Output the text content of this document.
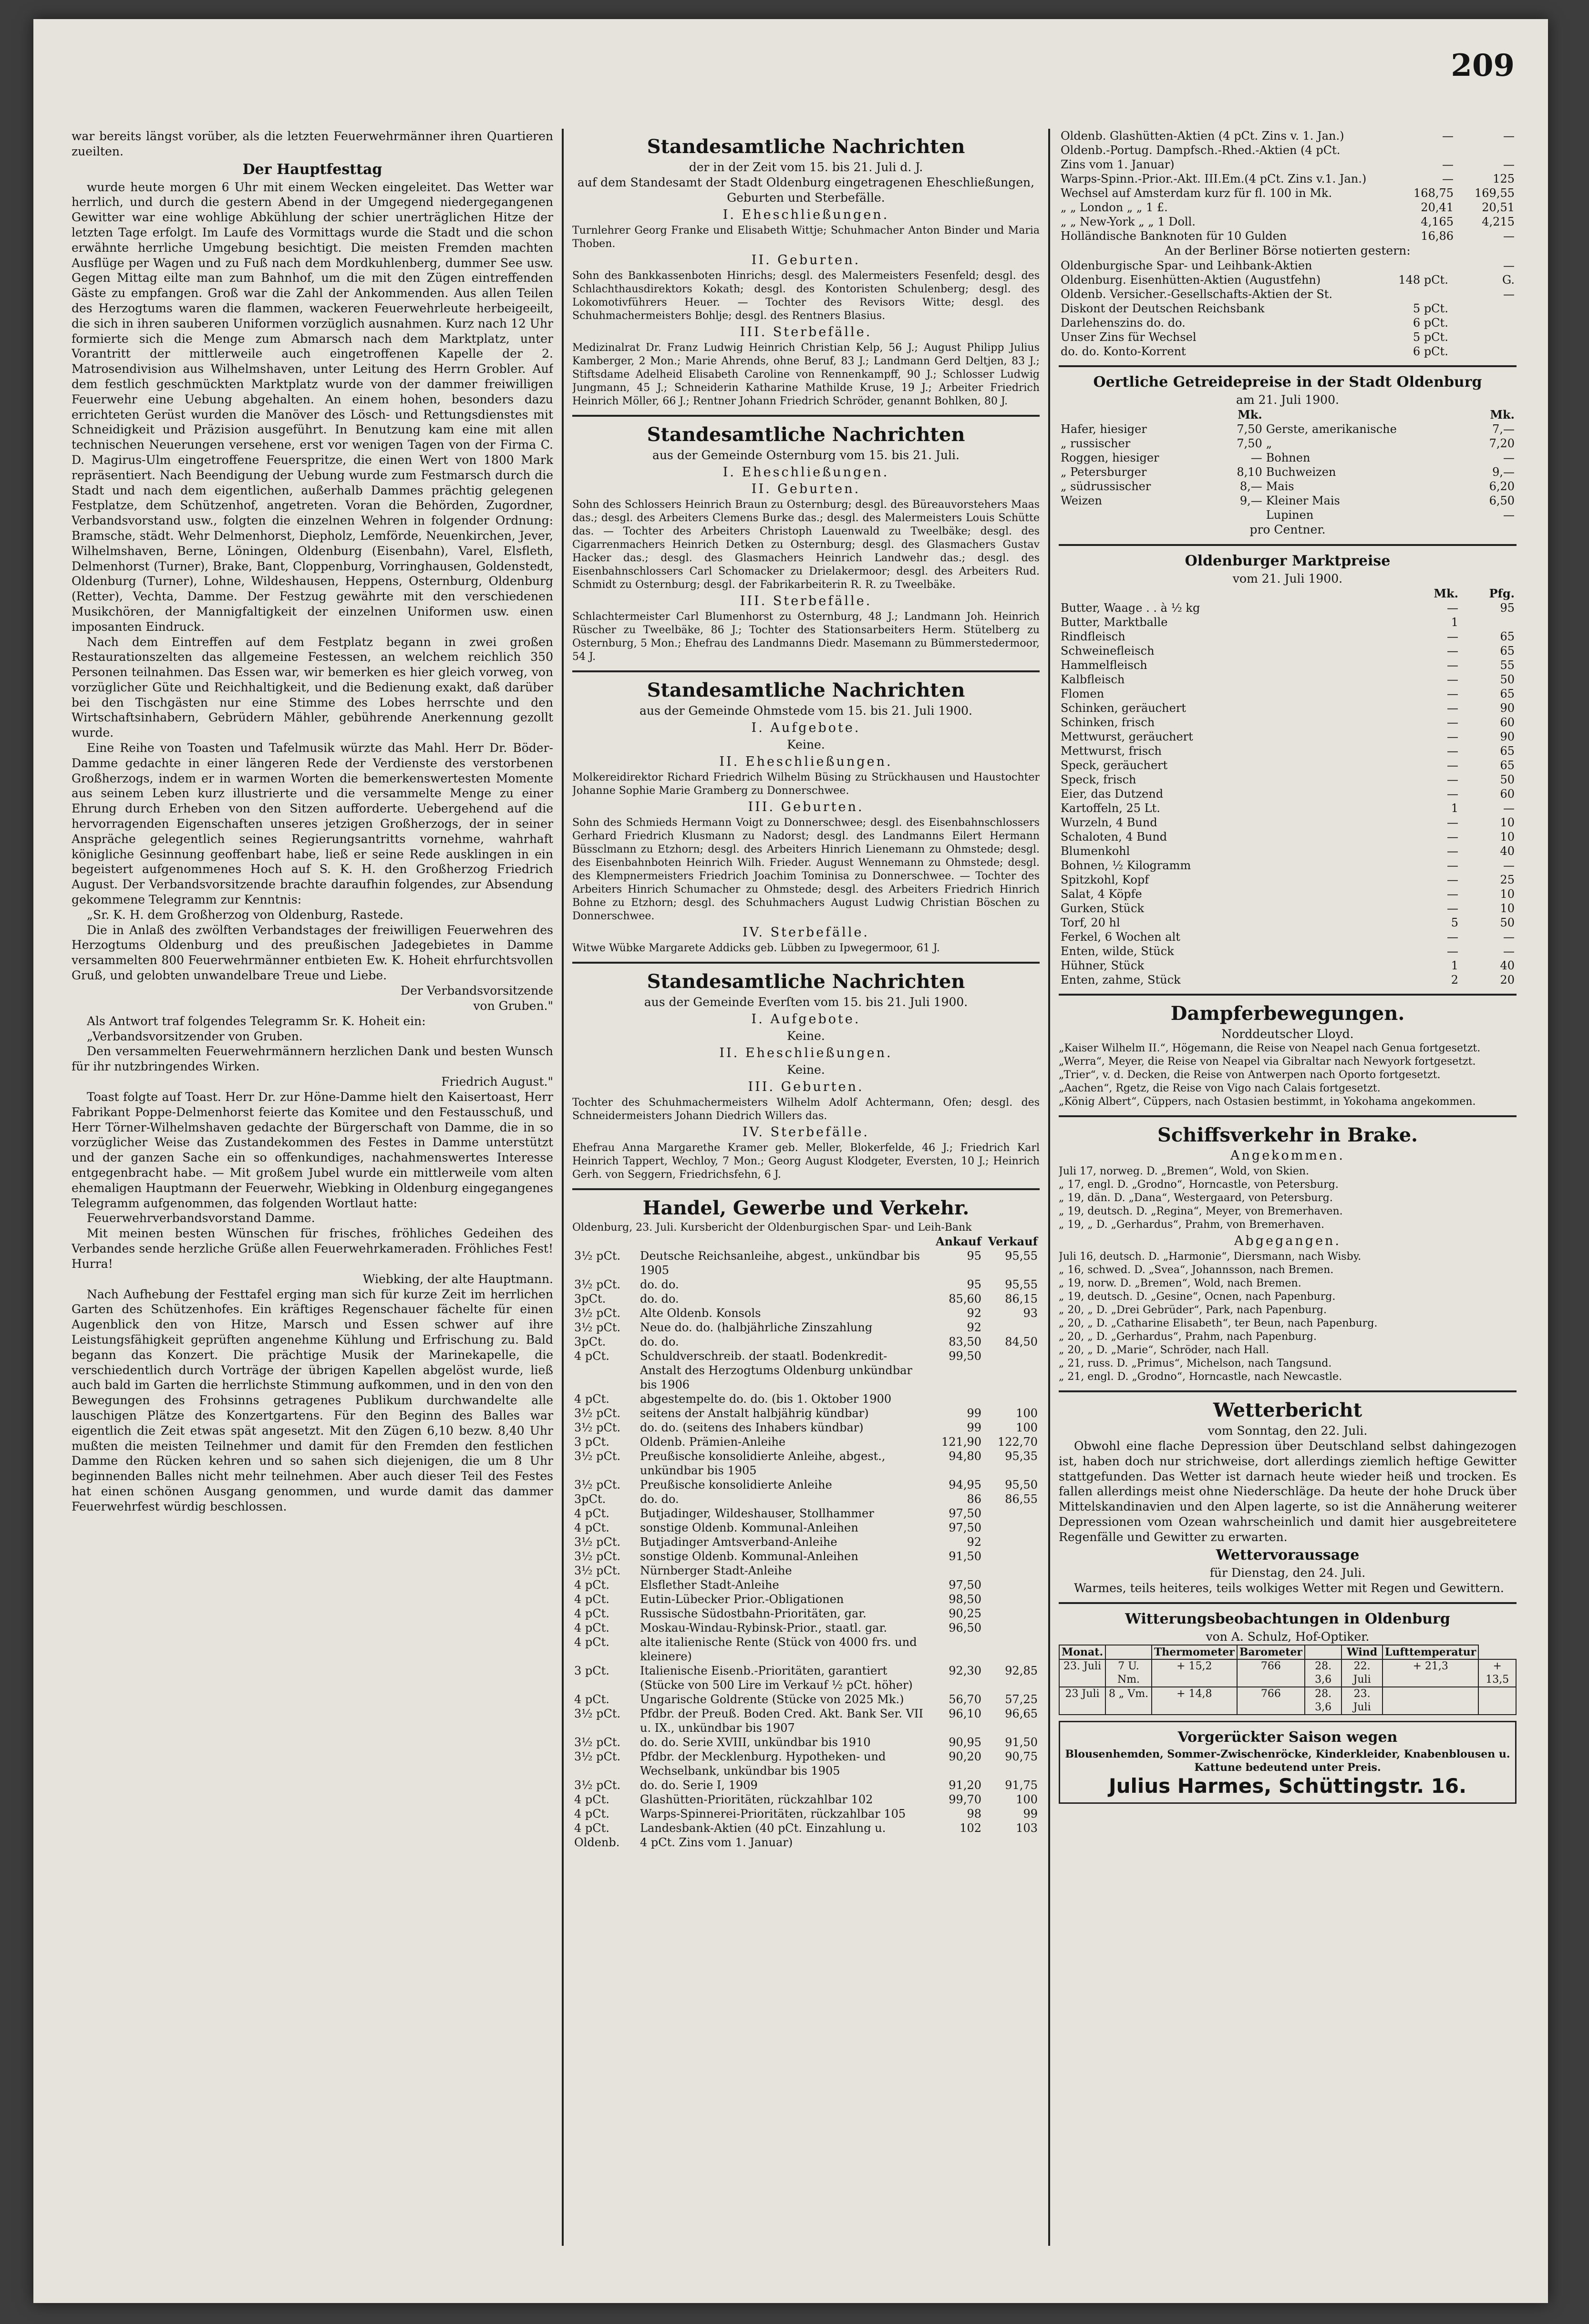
209

war bereits längst vorüber, als die letzten Feuerwehrmänner ihren Quartieren zueilten.

Der Hauptfesttag

wurde heute morgen 6 Uhr mit einem Wecken eingeleitet. Das Wetter war herrlich, und durch die gestern Abend in der Umgegend niedergegangenen Gewitter war eine wohlige Abkühlung der schier unerträglichen Hitze der letzten Tage erfolgt. Im Laufe des Vormittags wurde die Stadt und die schon erwähnte herrliche Umgebung besichtigt. Die meisten Fremden machten Ausflüge per Wagen und zu Fuß nach dem Mordkuhlenberg, dummer See usw. Gegen Mittag eilte man zum Bahnhof, um die mit den Zügen eintreffenden Gäste zu empfangen. Groß war die Zahl der Ankommenden. Aus allen Teilen des Herzogtums waren die flammen, wackeren Feuerwehrleute herbeigeeilt, die sich in ihren sauberen Uniformen vorzüglich ausnahmen. Kurz nach 12 Uhr formierte sich die Menge zum Abmarsch nach dem Marktplatz, unter Vorantritt der mittlerweile auch eingetroffenen Kapelle der 2. Matrosendivision aus Wilhelmshaven, unter Leitung des Herrn Grobler. Auf dem festlich geschmückten Marktplatz wurde von der dammer freiwilligen Feuerwehr eine Uebung abgehalten. An einem hohen, besonders dazu errichteten Gerüst wurden die Manöver des Lösch- und Rettungsdienstes mit Schneidigkeit und Präzision ausgeführt. In Benutzung kam eine mit allen technischen Neuerungen versehene, erst vor wenigen Tagen von der Firma C. D. Magirus-Ulm eingetroffene Feuerspritze, die einen Wert von 1800 Mark repräsentiert. Nach Beendigung der Uebung wurde zum Festmarsch durch die Stadt und nach dem eigentlichen, außerhalb Dammes prächtig gelegenen Festplatze, dem Schützenhof, angetreten. Voran die Behörden, Zugordner, Verbandsvorstand usw., folgten die einzelnen Wehren in folgender Ordnung: Bramsche, städt. Wehr Delmenhorst, Diepholz, Lemförde, Neuenkirchen, Jever, Wilhelmshaven, Berne, Löningen, Oldenburg (Eisenbahn), Varel, Elsfleth, Delmenhorst (Turner), Brake, Bant, Cloppenburg, Vorringhausen, Goldenstedt, Oldenburg (Turner), Lohne, Wildeshausen, Heppens, Osternburg, Oldenburg (Retter), Vechta, Damme. Der Festzug gewährte mit den verschiedenen Musikchören, der Mannigfaltigkeit der einzelnen Uniformen usw. einen imposanten Eindruck.

Nach dem Eintreffen auf dem Festplatz begann in zwei großen Restaurationszelten das allgemeine Festessen, an welchem reichlich 350 Personen teilnahmen. Das Essen war, wir bemerken es hier gleich vorweg, von vorzüglicher Güte und Reichhaltigkeit, und die Bedienung exakt, daß darüber bei den Tischgästen nur eine Stimme des Lobes herrschte und den Wirtschaftsinhabern, Gebrüdern Mähler, gebührende Anerkennung gezollt wurde.

Eine Reihe von Toasten und Tafelmusik würzte das Mahl. Herr Dr. Böder-Damme gedachte in einer längeren Rede der Verdienste des verstorbenen Großherzogs, indem er in warmen Worten die bemerkenswertesten Momente aus seinem Leben kurz illustrierte und die versammelte Menge zu einer Ehrung durch Erheben von den Sitzen aufforderte. Uebergehend auf die hervorragenden Eigenschaften unseres jetzigen Großherzogs, der in seiner Anspräche gelegentlich seines Regierungsantritts vornehme, wahrhaft königliche Gesinnung geoffenbart habe, ließ er seine Rede ausklingen in ein begeistert aufgenommenes Hoch auf S. K. H. den Großherzog Friedrich August. Der Verbandsvorsitzende brachte daraufhin folgendes, zur Absendung gekommene Telegramm zur Kenntnis:

„Sr. K. H. dem Großherzog von Oldenburg, Rastede.

Die in Anlaß des zwölften Verbandstages der freiwilligen Feuerwehren des Herzogtums Oldenburg und des preußischen Jadegebietes in Damme versammelten 800 Feuerwehrmänner entbieten Ew. K. Hoheit ehrfurchtsvollen Gruß, und gelobten unwandelbare Treue und Liebe.

Der Verbandsvorsitzende

von Gruben."

Als Antwort traf folgendes Telegramm Sr. K. Hoheit ein:

„Verbandsvorsitzender von Gruben.

Den versammelten Feuerwehrmännern herzlichen Dank und besten Wunsch für ihr nutzbringendes Wirken.

Friedrich August."

Toast folgte auf Toast. Herr Dr. zur Höne-Damme hielt den Kaisertoast, Herr Fabrikant Poppe-Delmenhorst feierte das Komitee und den Festausschuß, und Herr Törner-Wilhelmshaven gedachte der Bürgerschaft von Damme, die in so vorzüglicher Weise das Zustandekommen des Festes in Damme unterstützt und der ganzen Sache ein so offenkundiges, nachahmenswertes Interesse entgegenbracht habe. — Mit großem Jubel wurde ein mittlerweile vom alten ehemaligen Hauptmann der Feuerwehr, Wiebking in Oldenburg eingegangenes Telegramm aufgenommen, das folgenden Wortlaut hatte:

Feuerwehrverbandsvorstand Damme.

Mit meinen besten Wünschen für frisches, fröhliches Gedeihen des Verbandes sende herzliche Grüße allen Feuerwehrkameraden. Fröhliches Fest! Hurra!

Wiebking, der alte Hauptmann.

Nach Aufhebung der Festtafel erging man sich für kurze Zeit im herrlichen Garten des Schützenhofes. Ein kräftiges Regenschauer fächelte für einen Augenblick den von Hitze, Marsch und Essen schwer auf ihre Leistungsfähigkeit geprüften angenehme Kühlung und Erfrischung zu. Bald begann das Konzert. Die prächtige Musik der Marinekapelle, die verschiedentlich durch Vorträge der übrigen Kapellen abgelöst wurde, ließ auch bald im Garten die herrlichste Stimmung aufkommen, und in den von den Bewegungen des Frohsinns getragenes Publikum durchwandelte alle lauschigen Plätze des Konzertgartens. Für den Beginn des Balles war eigentlich die Zeit etwas spät angesetzt. Mit den Zügen 6,10 bezw. 8,40 Uhr mußten die meisten Teilnehmer und damit für den Fremden den festlichen Damme den Rücken kehren und so sahen sich diejenigen, die um 8 Uhr beginnenden Balles nicht mehr teilnehmen. Aber auch dieser Teil des Festes hat einen schönen Ausgang genommen, und wurde damit das dammer Feuerwehrfest würdig beschlossen.

Standesamtliche Nachrichten
der in der Zeit vom 15. bis 21. Juli d. J.
auf dem Standesamt der Stadt Oldenburg eingetragenen Eheschließungen, Geburten und Sterbefälle.
I. Eheschließungen.

Turnlehrer Georg Franke und Elisabeth Wittje; Schuhmacher Anton Binder und Maria Thoben.

II. Geburten.

Sohn des Bankkassenboten Hinrichs; desgl. des Malermeisters Fesenfeld; desgl. des Schlachthausdirektors Kokath; desgl. des Kontoristen Schulenberg; desgl. des Lokomotivführers Heuer. — Tochter des Revisors Witte; desgl. des Schuhmachermeisters Bohlje; desgl. des Rentners Blasius.

III. Sterbefälle.

Medizinalrat Dr. Franz Ludwig Heinrich Christian Kelp, 56 J.; August Philipp Julius Kamberger, 2 Mon.; Marie Ahrends, ohne Beruf, 83 J.; Landmann Gerd Deltjen, 83 J.; Stiftsdame Adelheid Elisabeth Caroline von Rennenkampff, 90 J.; Schlosser Ludwig Jungmann, 45 J.; Schneiderin Katharine Mathilde Kruse, 19 J.; Arbeiter Friedrich Heinrich Möller, 66 J.; Rentner Johann Friedrich Schröder, genannt Bohlken, 80 J.

Standesamtliche Nachrichten
aus der Gemeinde Osternburg vom 15. bis 21. Juli.
I. Eheschließungen.
II. Geburten.

Sohn des Schlossers Heinrich Braun zu Osternburg; desgl. des Büreauvorstehers Maas das.; desgl. des Arbeiters Clemens Burke das.; desgl. des Malermeisters Louis Schütte das. — Tochter des Arbeiters Christoph Lauenwald zu Tweelbäke; desgl. des Cigarrenmachers Heinrich Detken zu Osternburg; desgl. des Glasmachers Gustav Hacker das.; desgl. des Glasmachers Heinrich Landwehr das.; desgl. des Eisenbahnschlossers Carl Schomacker zu Drielakermoor; desgl. des Arbeiters Rud. Schmidt zu Osternburg; desgl. der Fabrikarbeiterin R. R. zu Tweelbäke.

III. Sterbefälle.

Schlachtermeister Carl Blumenhorst zu Osternburg, 48 J.; Landmann Joh. Heinrich Rüscher zu Tweelbäke, 86 J.; Tochter des Stationsarbeiters Herm. Stütelberg zu Osternburg, 5 Mon.; Ehefrau des Landmanns Diedr. Masemann zu Bümmerstedermoor, 54 J.

Standesamtliche Nachrichten
aus der Gemeinde Ohmstede vom 15. bis 21. Juli 1900.
I. Aufgebote.
Keine.
II. Eheschließungen.

Molkereidirektor Richard Friedrich Wilhelm Büsing zu Strückhausen und Haustochter Johanne Sophie Marie Gramberg zu Donnerschwee.

III. Geburten.

Sohn des Schmieds Hermann Voigt zu Donnerschwee; desgl. des Eisenbahnschlossers Gerhard Friedrich Klusmann zu Nadorst; desgl. des Landmanns Eilert Hermann Büssclmann zu Etzhorn; desgl. des Arbeiters Hinrich Lienemann zu Ohmstede; desgl. des Eisenbahnboten Heinrich Wilh. Frieder. August Wennemann zu Ohmstede; desgl. des Klempnermeisters Friedrich Joachim Tominisa zu Donnerschwee. — Tochter des Arbeiters Hinrich Schumacher zu Ohmstede; desgl. des Arbeiters Friedrich Hinrich Bohne zu Etzhorn; desgl. des Schuhmachers August Ludwig Christian Böschen zu Donnerschwee.

IV. Sterbefälle.

Witwe Wübke Margarete Addicks geb. Lübben zu Ipwegermoor, 61 J.

Standesamtliche Nachrichten
aus der Gemeinde Everſten vom 15. bis 21. Juli 1900.
I. Aufgebote.
Keine.
II. Eheschließungen.
Keine.
III. Geburten.

Tochter des Schuhmachermeisters Wilhelm Adolf Achtermann, Ofen; desgl. des Schneidermeisters Johann Diedrich Willers das.

IV. Sterbefälle.

Ehefrau Anna Margarethe Kramer geb. Meller, Blokerfelde, 46 J.; Friedrich Karl Heinrich Tappert, Wechloy, 7 Mon.; Georg August Klodgeter, Eversten, 10 J.; Heinrich Gerh. von Seggern, Friedrichsfehn, 6 J.

Handel, Gewerbe und Verkehr.

Oldenburg, 23. Juli. Kursbericht der Oldenburgischen Spar- und Leih-Bank

		Ankauf	Verkauf
3½ pCt.	Deutsche Reichsanleihe, abgest., unkündbar bis 1905	95	95,55
3½ pCt.	do. do.	95	95,55
3pCt.	do. do.	85,60	86,15
3½ pCt.	Alte Oldenb. Konsols	92	93
3½ pCt.	Neue do. do. (halbjährliche Zinszahlung	92	
3pCt.	do. do.	83,50	84,50
4 pCt.	Schuldverschreib. der staatl. Bodenkredit-Anstalt des Herzogtums Oldenburg unkündbar bis 1906	99,50	
4 pCt.	abgestempelte do. do. (bis 1. Oktober 1900		
3½ pCt.	seitens der Anstalt halbjährig kündbar)	99	100
3½ pCt.	do. do. (seitens des Inhabers kündbar)	99	100
3 pCt.	Oldenb. Prämien-Anleihe	121,90	122,70
3½ pCt.	Preußische konsolidierte Anleihe, abgest., unkündbar bis 1905	94,80	95,35
3½ pCt.	Preußische konsolidierte Anleihe	94,95	95,50
3pCt.	do. do.	86	86,55
4 pCt.	Butjadinger, Wildeshauser, Stollhammer	97,50	
4 pCt.	sonstige Oldenb. Kommunal-Anleihen	97,50	
3½ pCt.	Butjadinger Amtsverband-Anleihe	92	
3½ pCt.	sonstige Oldenb. Kommunal-Anleihen	91,50	
3½ pCt.	Nürnberger Stadt-Anleihe		
4 pCt.	Elsflether Stadt-Anleihe	97,50	
4 pCt.	Eutin-Lübecker Prior.-Obligationen	98,50	
4 pCt.	Russische Südostbahn-Prioritäten, gar.	90,25	
4 pCt.	Moskau-Windau-Rybinsk-Prior., staatl. gar.	96,50	
4 pCt.	alte italienische Rente (Stück von 4000 frs. und kleinere)		
3 pCt.	Italienische Eisenb.-Prioritäten, garantiert (Stücke von 500 Lire im Verkauf ½ pCt. höher)	92,30	92,85
4 pCt.	Ungarische Goldrente (Stücke von 2025 Mk.)	56,70	57,25
3½ pCt.	Pfdbr. der Preuß. Boden Cred. Akt. Bank Ser. VII u. IX., unkündbar bis 1907	96,10	96,65
3½ pCt.	do. do. Serie XVIII, unkündbar bis 1910	90,95	91,50
3½ pCt.	Pfdbr. der Mecklenburg. Hypotheken- und Wechselbank, unkündbar bis 1905	90,20	90,75
3½ pCt.	do. do. Serie I, 1909	91,20	91,75
4 pCt.	Glashütten-Prioritäten, rückzahlbar 102	99,70	100
4 pCt.	Warps-Spinnerei-Prioritäten, rückzahlbar 105	98	99
4 pCt.	Landesbank-Aktien (40 pCt. Einzahlung u.	102	103
Oldenb.	4 pCt. Zins vom 1. Januar)		
Oldenb. Glashütten-Aktien (4 pCt. Zins v. 1. Jan.)	—	—
Oldenb.-Portug. Dampfsch.-Rhed.-Aktien (4 pCt.		
Zins vom 1. Januar)	—	—
Warps-Spinn.-Prior.-Akt. III.Em.(4 pCt. Zins v.1. Jan.)	—	125
Wechsel auf Amsterdam kurz für fl. 100 in Mk.	168,75	169,55
„ „ London „ „ 1 £.	20,41	20,51
„ „ New-York „ „ 1 Doll.	4,165	4,215
Holländische Banknoten für 10 Gulden	16,86	—
An der Berliner Börse notierten gestern:
Oldenburgische Spar- und Leihbank-Aktien		—
Oldenburg. Eisenhütten-Aktien (Augustfehn)	148 pCt.	G.
Oldenb. Versicher.-Gesellschafts-Aktien der St.		—
Diskont der Deutschen Reichsbank	5 pCt.	
Darlehenszins do. do.	6 pCt.	
Unser Zins für Wechsel	5 pCt.	
do. do. Konto-Korrent	6 pCt.	
Oertliche Getreidepreise in der Stadt Oldenburg
am 21. Juli 1900.
	Mk.		Mk.
Hafer, hiesiger	7,50	Gerste, amerikanische	7,—
„ russischer	7,50	„	7,20
Roggen, hiesiger	—	Bohnen	—
„ Petersburger	8,10	Buchweizen	9,—
„ südrussischer	8,—	Mais	6,20
Weizen	9,—	Kleiner Mais	6,50
		Lupinen	—
pro Centner.
Oldenburger Marktpreise
vom 21. Juli 1900.
	Mk.	Pfg.
Butter, Waage . . à ½ kg	—	95
Butter, Marktballe	1	
Rindfleisch	—	65
Schweinefleisch	—	65
Hammelfleisch	—	55
Kalbfleisch	—	50
Flomen	—	65
Schinken, geräuchert	—	90
Schinken, frisch	—	60
Mettwurst, geräuchert	—	90
Mettwurst, frisch	—	65
Speck, geräuchert	—	65
Speck, frisch	—	50
Eier, das Dutzend	—	60
Kartoffeln, 25 Lt.	1	—
Wurzeln, 4 Bund	—	10
Schaloten, 4 Bund	—	10
Blumenkohl	—	40
Bohnen, ½ Kilogramm	—	—
Spitzkohl, Kopf	—	25
Salat, 4 Köpfe	—	10
Gurken, Stück	—	10
Torf, 20 hl	5	50
Ferkel, 6 Wochen alt	—	—
Enten, wilde, Stück	—	—
Hühner, Stück	1	40
Enten, zahme, Stück	2	20
Dampferbewegungen.
Norddeutscher Lloyd.

„Kaiser Wilhelm II.“, Högemann, die Reise von Neapel nach Genua fortgesetzt.

„Werra“, Meyer, die Reise von Neapel via Gibraltar nach Newyork fortgesetzt.

„Trier“, v. d. Decken, die Reise von Antwerpen nach Oporto fortgesetzt.

„Aachen“, Rgetz, die Reise von Vigo nach Calais fortgesetzt.

„König Albert“, Cüppers, nach Ostasien bestimmt, in Yokohama angekommen.

Schiffsverkehr in Brake.
Angekommen.

Juli 17, norweg. D. „Bremen“, Wold, von Skien.

„ 17, engl. D. „Grodno“, Horncastle, von Petersburg.

„ 19, dän. D. „Dana“, Westergaard, von Petersburg.

„ 19, deutsch. D. „Regina“, Meyer, von Bremerhaven.

„ 19, „ D. „Gerhardus“, Prahm, von Bremerhaven.

Abgegangen.

Juli 16, deutsch. D. „Harmonie“, Diersmann, nach Wisby.

„ 16, schwed. D. „Svea“, Johannsson, nach Bremen.

„ 19, norw. D. „Bremen“, Wold, nach Bremen.

„ 19, deutsch. D. „Gesine“, Ocnen, nach Papenburg.

„ 20, „ D. „Drei Gebrüder“, Park, nach Papenburg.

„ 20, „ D. „Catharine Elisabeth“, ter Beun, nach Papenburg.

„ 20, „ D. „Gerhardus“, Prahm, nach Papenburg.

„ 20, „ D. „Marie“, Schröder, nach Hall.

„ 21, russ. D. „Primus“, Michelson, nach Tangsund.

„ 21, engl. D. „Grodno“, Horncastle, nach Newcastle.

Wetterbericht
vom Sonntag, den 22. Juli.

Obwohl eine flache Depression über Deutschland selbst dahingezogen ist, haben doch nur strichweise, dort allerdings ziemlich heftige Gewitter stattgefunden. Das Wetter ist darnach heute wieder heiß und trocken. Es fallen allerdings meist ohne Niederschläge. Da heute der hohe Druck über Mittelskandinavien und den Alpen lagerte, so ist die Annäherung weiterer Depressionen vom Ozean wahrscheinlich und damit hier ausgebreitetere Regenfälle und Gewitter zu erwarten.

Wettervoraussage
für Dienstag, den 24. Juli.

Warmes, teils heiteres, teils wolkiges Wetter mit Regen und Gewittern.

Witterungsbeobachtungen in Oldenburg
von A. Schulz, Hof-Optiker.
Monat.		Thermometer	Barometer		Wind	Lufttemperatur	
23. Juli	7 U. Nm.	+ 15,2	766	28. 3,6	22. Juli	+ 21,3	+ 13,5
23 Juli	8 „ Vm.	+ 14,8	766	28. 3,6	23. Juli		
Vorgerückter Saison wegen

Blousenhemden, Sommer-Zwischenröcke, Kinderkleider, Knabenblousen u. Kattune bedeutend unter Preis.

Julius Harmes, Schüttingstr. 16.
